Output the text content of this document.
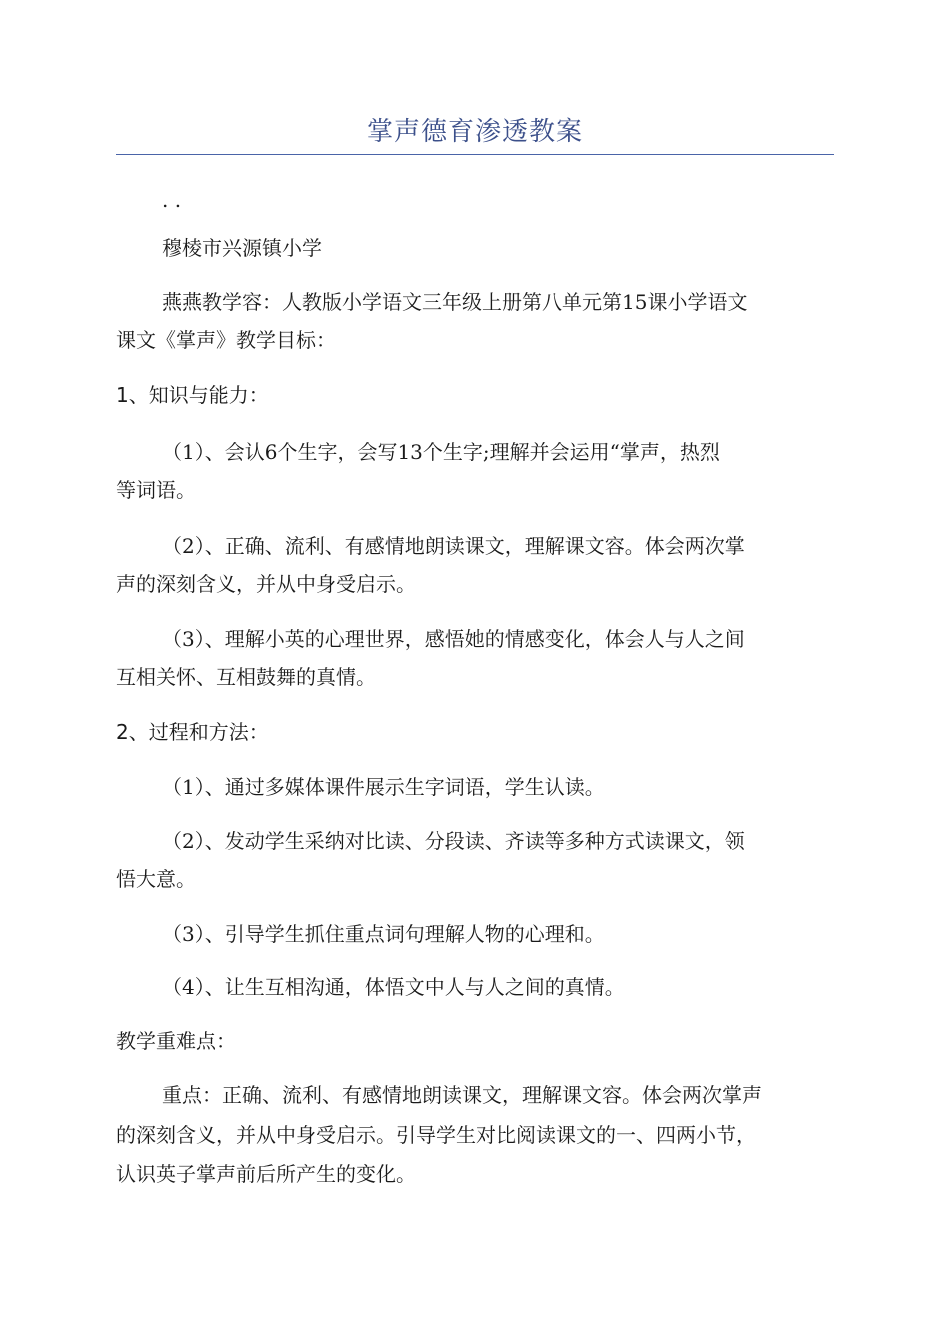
掌声德育渗透教案

. .

穆棱市兴源镇小学

燕燕教学容：人教版小学语文三年级上册第八单元第15课小学语文

课文《掌声》教学目标：

1、知识与能力：

（1）、会认6个生字，会写13个生字;理解并会运用“掌声，热烈

等词语。

（2）、正确、流利、有感情地朗读课文，理解课文容。体会两次掌

声的深刻含义，并从中身受启示。

（3）、理解小英的心理世界，感悟她的情感变化，体会人与人之间

互相关怀、互相鼓舞的真情。

2、过程和方法：

（1）、通过多媒体课件展示生字词语，学生认读。

（2）、发动学生采纳对比读、分段读、齐读等多种方式读课文，领

悟大意。

（3）、引导学生抓住重点词句理解人物的心理和。

（4）、让生互相沟通，体悟文中人与人之间的真情。

教学重难点：

重点：正确、流利、有感情地朗读课文，理解课文容。体会两次掌声

的深刻含义，并从中身受启示。引导学生对比阅读课文的一、四两小节，

认识英子掌声前后所产生的变化。
